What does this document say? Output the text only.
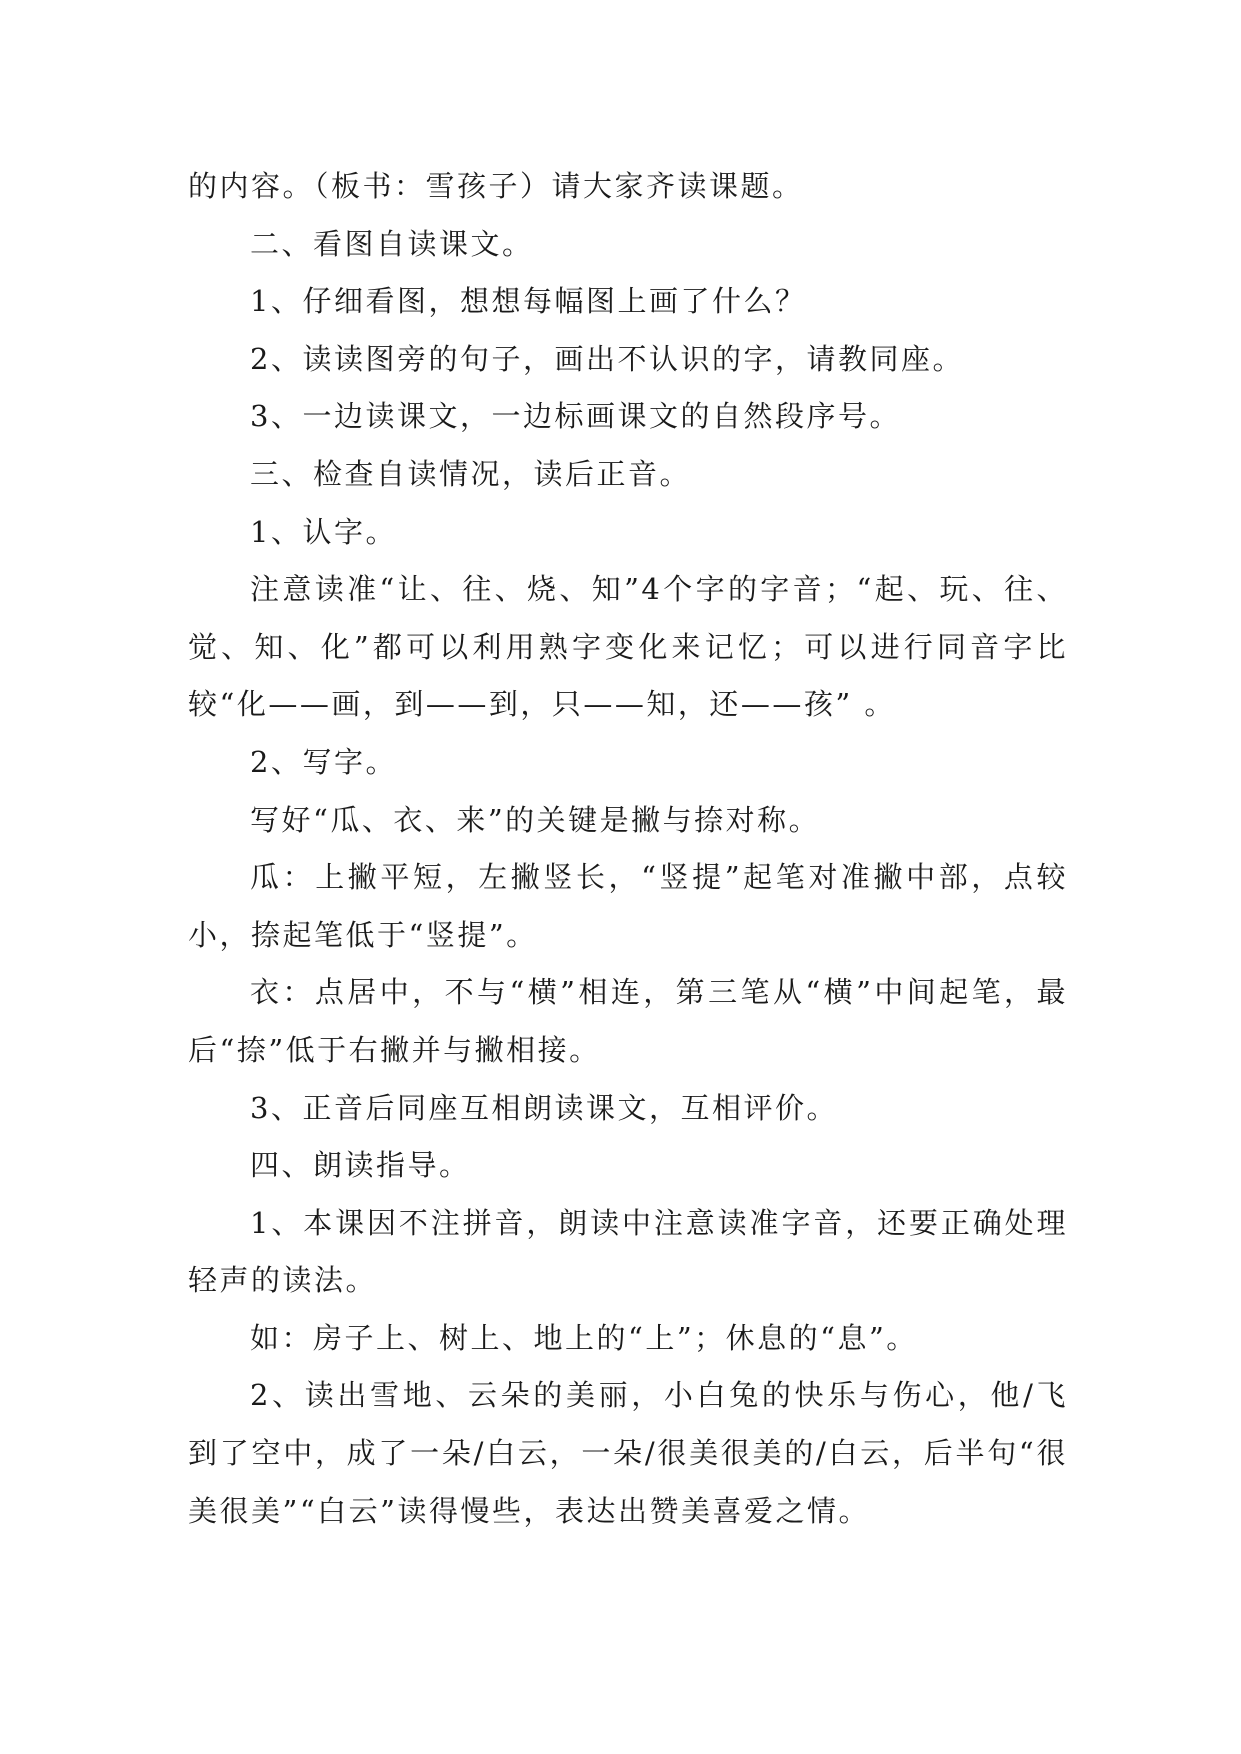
的内容。（板书：雪孩子）请大家齐读课题。

二、看图自读课文。

1、仔细看图，想想每幅图上画了什么？

2、读读图旁的句子，画出不认识的字，请教同座。

3、一边读课文，一边标画课文的自然段序号。

三、检查自读情况，读后正音。

1、认字。

注意读准“让、往、烧、知”4个字的字音；“起、玩、往、觉、知、化”都可以利用熟字变化来记忆；可以进行同音字比较“化——画，到——到，只——知，还——孩” 。

2、写字。

写好“瓜、衣、来”的关键是撇与捺对称。

瓜：上撇平短，左撇竖长，“竖提”起笔对准撇中部，点较小，捺起笔低于“竖提”。

衣：点居中，不与“横”相连，第三笔从“横”中间起笔，最后“捺”低于右撇并与撇相接。

3、正音后同座互相朗读课文，互相评价。

四、朗读指导。

1、本课因不注拼音，朗读中注意读准字音，还要正确处理轻声的读法。

如：房子上、树上、地上的“上”；休息的“息”。

2、读出雪地、云朵的美丽，小白兔的快乐与伤心，他/飞到了空中，成了一朵/白云，一朵/很美很美的/白云，后半句“很美很美”“白云”读得慢些，表达出赞美喜爱之情。
